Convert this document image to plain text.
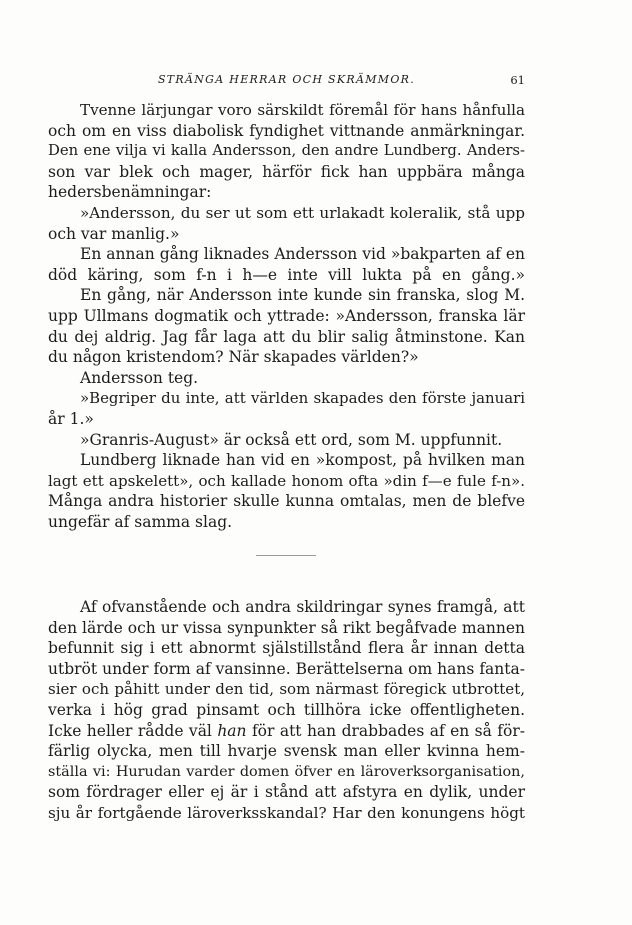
STRÄNGA HERRAR OCH SKRÄMMOR.	61
Tvenne lärjungar voro särskildt föremål för hans hånfulla
och om en viss diabolisk fyndighet vittnande anmärkningar.
Den ene vilja vi kalla Andersson, den andre Lundberg. Anders-
son var blek och mager, härför fick han uppbära många
hedersbenämningar:
»Andersson, du ser ut som ett urlakadt koleralik, stå upp
och var manlig.»
En annan gång liknades Andersson vid »bakparten af en
död käring, som f-n i h—e inte vill lukta på en gång.»
En gång, när Andersson inte kunde sin franska, slog M.
upp Ullmans dogmatik och yttrade: »Andersson, franska lär
du dej aldrig. Jag får laga att du blir salig åtminstone. Kan
du någon kristendom? När skapades världen?»
Andersson teg.
»Begriper du inte, att världen skapades den förste januari
år 1.»
»Granris-August» är också ett ord, som M. uppfunnit.
Lundberg liknade han vid en »kompost, på hvilken man
lagt ett apskelett», och kallade honom ofta »din f—e fule f-n».
Många andra historier skulle kunna omtalas, men de blefve
ungefär af samma slag.
Af ofvanstående och andra skildringar synes framgå, att
den lärde och ur vissa synpunkter så rikt begåfvade mannen
befunnit sig i ett abnormt själstillstånd flera år innan detta
utbröt under form af vansinne. Berättelserna om hans fanta-
sier och påhitt under den tid, som närmast föregick utbrottet,
verka i hög grad pinsamt och tillhöra icke offentligheten.
Icke heller rådde väl han för att han drabbades af en så för-
färlig olycka, men till hvarje svensk man eller kvinna hem-
ställa vi: Hurudan varder domen öfver en läroverksorganisation,
som fördrager eller ej är i stånd att afstyra en dylik, under
sju år fortgående läroverksskandal? Har den konungens högt
